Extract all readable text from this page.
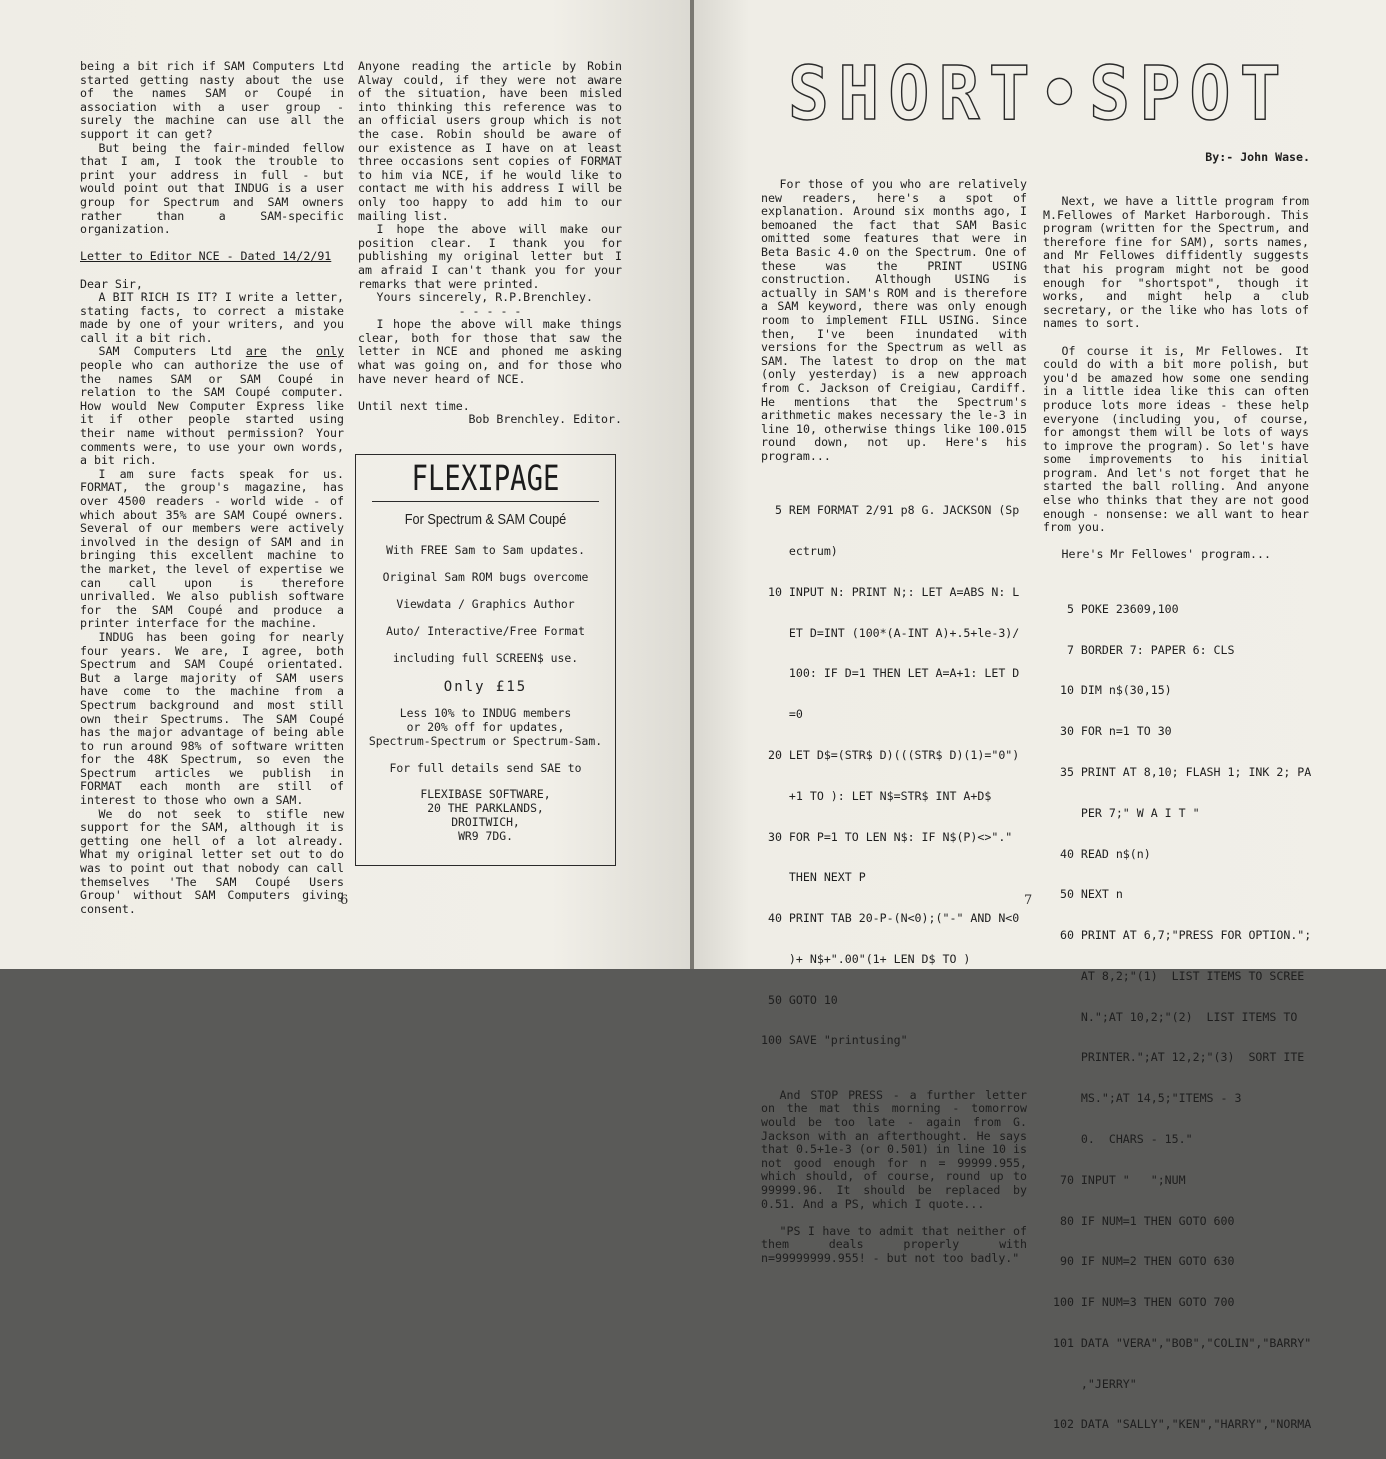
being a bit rich if SAM Computers Ltd started getting nasty about the use of the names SAM or Coupé in association with a user group - surely the machine can use all the support it can get?

But being the fair-minded fellow that I am, I took the trouble to print your address in full - but would point out that INDUG is a user group for Spectrum and SAM owners rather than a SAM-specific organization.

Letter to Editor NCE - Dated 14/2/91

Dear Sir,

A BIT RICH IS IT? I write a letter, stating facts, to correct a mistake made by one of your writers, and you call it a bit rich.

SAM Computers Ltd are the only people who can authorize the use of the names SAM or SAM Coupé in relation to the SAM Coupé computer. How would New Computer Express like it if other people started using their name without permission? Your comments were, to use your own words, a bit rich.

I am sure facts speak for us. FORMAT, the group's magazine, has over 4500 readers - world wide - of which about 35% are SAM Coupé owners. Several of our members were actively involved in the design of SAM and in bringing this excellent machine to the market, the level of expertise we can call upon is therefore unrivalled. We also publish software for the SAM Coupé and produce a printer interface for the machine.

INDUG has been going for nearly four years. We are, I agree, both Spectrum and SAM Coupé orientated. But a large majority of SAM users have come to the machine from a Spectrum background and most still own their Spectrums. The SAM Coupé has the major advantage of being able to run around 98% of software written for the 48K Spectrum, so even the Spectrum articles we publish in FORMAT each month are still of interest to those who own a SAM.

We do not seek to stifle new support for the SAM, although it is getting one hell of a lot already. What my original letter set out to do was to point out that nobody can call themselves 'The SAM Coupé Users Group' without SAM Computers giving consent.

Anyone reading the article by Robin Alway could, if they were not aware of the situation, have been misled into thinking this reference was to an official users group which is not the case. Robin should be aware of our existence as I have on at least three occasions sent copies of FORMAT to him via NCE, if he would like to contact me with his address I will be only too happy to add him to our mailing list.

I hope the above will make our position clear. I thank you for publishing my original letter but I am afraid I can't thank you for your remarks that were printed.

Yours sincerely, R.P.Brenchley.

- - - - -

I hope the above will make things clear, both for those that saw the letter in NCE and phoned me asking what was going on, and for those who have never heard of NCE.

Until next time.

Bob Brenchley. Editor.

FLEXIPAGE
For Spectrum & SAM Coupé
With FREE Sam to Sam updates.
Original Sam ROM bugs overcome
Viewdata / Graphics Author
Auto/ Interactive/Free Format
including full SCREEN$ use.
Only £15
Less 10% to INDUG members
or 20% off for updates,
Spectrum-Spectrum or Spectrum-Sam.
For full details send SAE to
FLEXIBASE SOFTWARE,
20 THE PARKLANDS,
DROITWICH,
WR9 7DG.
6	7
SHORT•SPOT
By:- John Wase.

For those of you who are relatively new readers, here's a spot of explanation. Around six months ago, I bemoaned the fact that SAM Basic omitted some features that were in Beta Basic 4.0 on the Spectrum. One of these was the PRINT USING construction. Although USING is actually in SAM's ROM and is therefore a SAM keyword, there was only enough room to implement FILL USING. Since then, I've been inundated with versions for the Spectrum as well as SAM. The latest to drop on the mat (only yesterday) is a new approach from C. Jackson of Creigiau, Cardiff. He mentions that the Spectrum's arithmetic makes necessary the le-3 in line 10, otherwise things like 100.015 round down, not up. Here's his program...

5 REM FORMAT 2/91 p8 G. JACKSON (Sp

ectrum)

10 INPUT N: PRINT N;: LET A=ABS N: L

ET D=INT (100*(A-INT A)+.5+le-3)/

100: IF D=1 THEN LET A=A+1: LET D

=0

20 LET D$=(STR$ D)(((STR$ D)(1)="0")

+1 TO ): LET N$=STR$ INT A+D$

30 FOR P=1 TO LEN N$: IF N$(P)<>"."

THEN NEXT P

40 PRINT TAB 20-P-(N<0);("-" AND N<0

)+ N$+".00"(1+ LEN D$ TO )

50 GOTO 10

100 SAVE "printusing"

And STOP PRESS - a further letter on the mat this morning - tomorrow would be too late - again from G. Jackson with an afterthought. He says that 0.5+1e-3 (or 0.501) in line 10 is not good enough for n = 99999.955, which should, of course, round up to 99999.96. It should be replaced by 0.51. And a PS, which I quote...

"PS I have to admit that neither of them deals properly with n=99999999.955! - but not too badly."

Next, we have a little program from M.Fellowes of Market Harborough. This program (written for the Spectrum, and therefore fine for SAM), sorts names, and Mr Fellowes diffidently suggests that his program might not be good enough for "shortspot", though it works, and might help a club secretary, or the like who has lots of names to sort.

Of course it is, Mr Fellowes. It could do with a bit more polish, but you'd be amazed how some one sending in a little idea like this can often produce lots more ideas - these help everyone (including you, of course, for amongst them will be lots of ways to improve the program). So let's have some improvements to his initial program. And let's not forget that he started the ball rolling. And anyone else who thinks that they are not good enough - nonsense: we all want to hear from you.

Here's Mr Fellowes' program...

5 POKE 23609,100

7 BORDER 7: PAPER 6: CLS

10 DIM n$(30,15)

30 FOR n=1 TO 30

35 PRINT AT 8,10; FLASH 1; INK 2; PA

PER 7;" W A I T "

40 READ n$(n)

50 NEXT n

60 PRINT AT 6,7;"PRESS FOR OPTION.";

AT 8,2;"(1)  LIST ITEMS TO SCREE

N.";AT 10,2;"(2)  LIST ITEMS TO

PRINTER.";AT 12,2;"(3)  SORT ITE

MS.";AT 14,5;"ITEMS - 3

0.  CHARS - 15."

70 INPUT "   ";NUM

80 IF NUM=1 THEN GOTO 600

90 IF NUM=2 THEN GOTO 630

100 IF NUM=3 THEN GOTO 700

101 DATA "VERA","BOB","COLIN","BARRY"

,"JERRY"

102 DATA "SALLY","KEN","HARRY","NORMA
